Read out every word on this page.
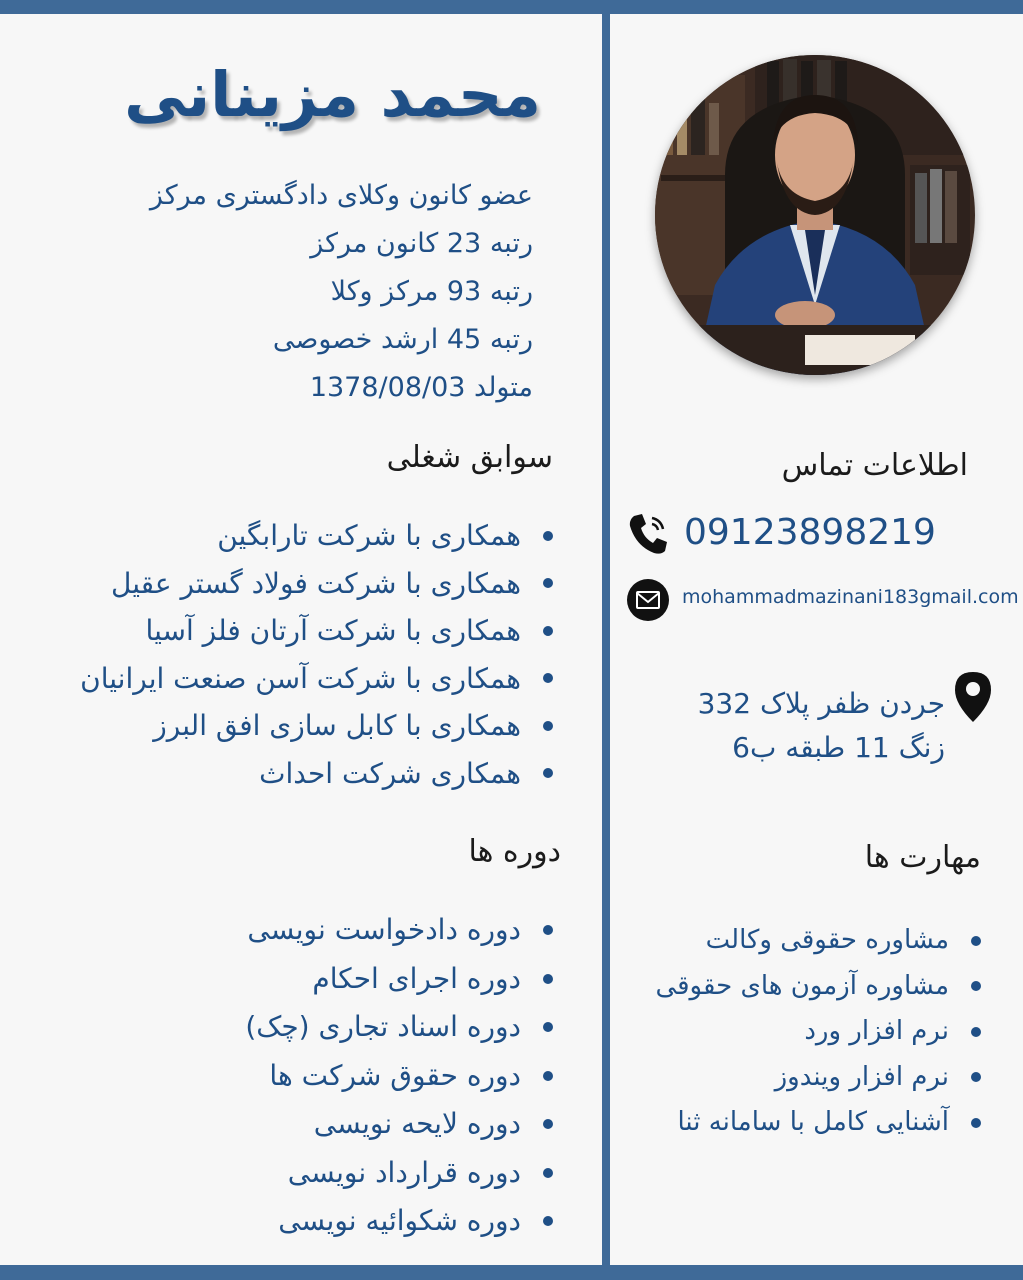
محمد مزینانی
عضو کانون وکلای دادگستری مرکز
رتبه 23 کانون مرکز
رتبه 93 مرکز وکلا
رتبه 45 ارشد خصوصی
متولد 1378/08/03
سوابق شغلی
همکاری با شرکت تارابگین
همکاری با شرکت فولاد گستر عقیل
همکاری با شرکت آرتان فلز آسیا
همکاری با شرکت آسن صنعت ایرانیان
همکاری با کابل سازی افق البرز
همکاری شرکت احداث
دوره ها
دوره دادخواست نویسی
دوره اجرای احکام
دوره اسناد تجاری (چک)
دوره حقوق شرکت ها
دوره لایحه نویسی
دوره قرارداد نویسی
دوره شکوائیه نویسی
اطلاعات تماس
09123898219
mohammadmazinani183gmail.com
جردن ظفر پلاک 332
زنگ 11 طبقه ب6
مهارت ها
مشاوره حقوقی وکالت
مشاوره آزمون های حقوقی
نرم افزار ورد
نرم افزار ویندوز
آشنایی کامل با سامانه ثنا
